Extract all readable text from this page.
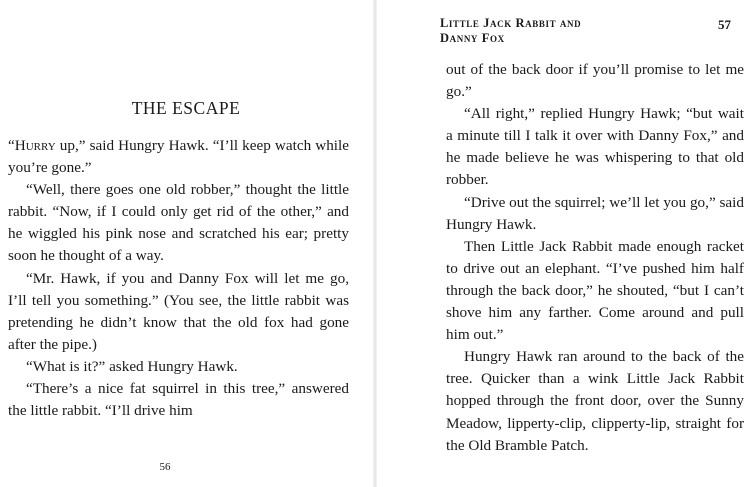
THE ESCAPE

“Hurry up,” said Hungry Hawk. “I’ll keep watch while you’re gone.”

“Well, there goes one old robber,” thought the little rabbit. “Now, if I could only get rid of the other,” and he wiggled his pink nose and scratched his ear; pretty soon he thought of a way.

“Mr. Hawk, if you and Danny Fox will let me go, I’ll tell you something.” (You see, the little rabbit was pretending he didn’t know that the old fox had gone after the pipe.)

“What is it?” asked Hungry Hawk.

“There’s a nice fat squirrel in this tree,” answered the little rabbit. “I’ll drive him

56

out of the back door if you’ll promise to let me go.”

“All right,” replied Hungry Hawk; “but wait a minute till I talk it over with Danny Fox,” and he made believe he was whispering to that old robber.

“Drive out the squirrel; we’ll let you go,” said Hungry Hawk.

Then Little Jack Rabbit made enough racket to drive out an elephant. “I’ve pushed him half through the back door,” he shouted, “but I can’t shove him any farther. Come around and pull him out.”

Hungry Hawk ran around to the back of the tree. Quicker than a wink Little Jack Rabbit hopped through the front door, over the Sunny Meadow, lipperty-clip, clipperty-lip, straight for the Old Bramble Patch.

Little Jack Rabbit and
Danny Fox
57
